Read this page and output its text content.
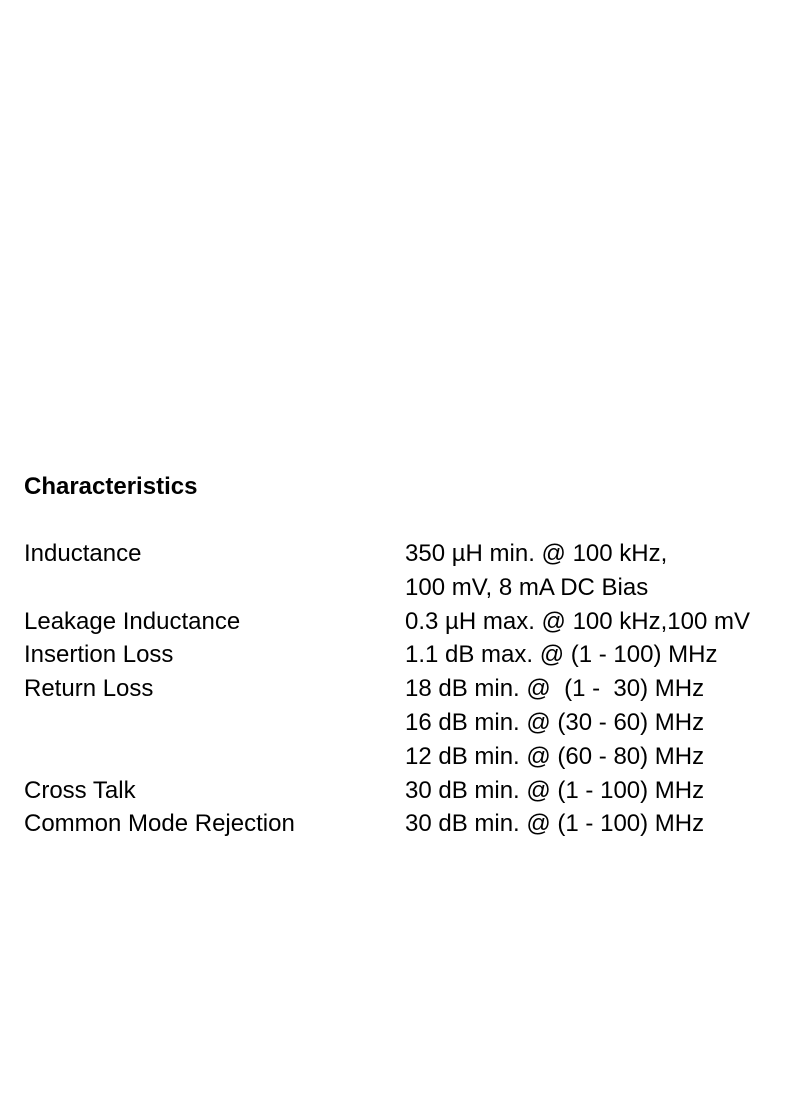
Characteristics
Inductance	350 µH min. @ 100 kHz,
100 mV, 8 mA DC Bias
Leakage Inductance	0.3 µH max. @ 100 kHz,100 mV
Insertion Loss	1.1 dB max. @ (1 - 100) MHz
Return Loss	18 dB min. @  (1 -  30) MHz
16 dB min. @ (30 - 60) MHz
12 dB min. @ (60 - 80) MHz
Cross Talk	30 dB min. @ (1 - 100) MHz
Common Mode Rejection	30 dB min. @ (1 - 100) MHz
